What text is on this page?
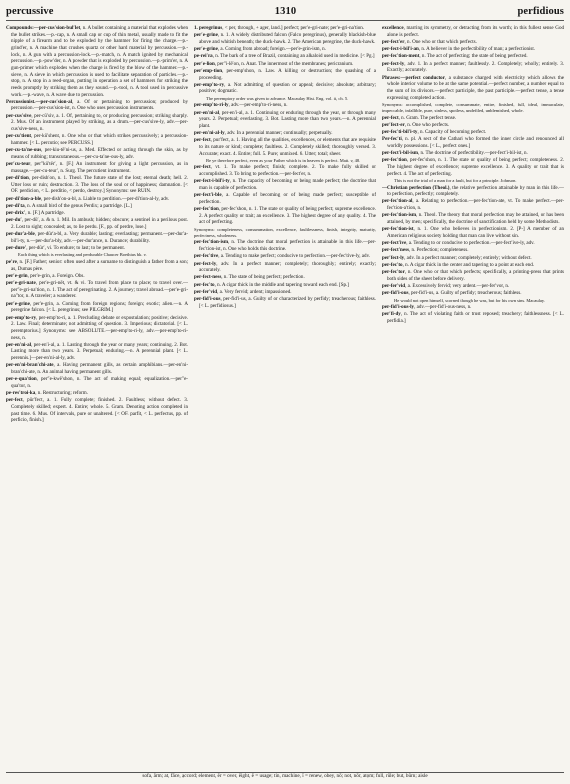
percussive	1310	perfidious

Compounds:—per-cus′sion-bul′let, n. A bullet containing a material that explodes when the bullet strikes.—p.-cap, n. A small cap or cup of thin metal, usually made to fit the nipple of a firearm and to be exploded by the hammer for firing the charge.—p.-grind′er, n. A machine that crushes quartz or other hard material by percussion.—p.-lock, n. A gun with a percussion-lock.—p.-match, n. A match ignited by mechanical percussion.—p.-pow′der, n. A powder that is exploded by percussion.—p.-prim′er, n. A gun-primer which explodes when the charge is fired by the blow of the hammer.—p.-sieve, n. A sieve in which percussion is used to facilitate separation of particles.—p.-stop, n. A stop in a reed-organ, putting in operation a set of hammers for striking the reeds promptly by striking them as they sound.—p.-tool, n. A tool used in percussive work.—p.-wave, n. A wave due to percussion.

Percussionist.—per-cus′sion-al, a. Of or pertaining to percussion; produced by percussion.—per-cus′sion-ist, n. One who uses percussion instruments.

per-cus′sive, per-cū′siv, a. 1. Of, pertaining to, or producing percussion; striking sharply. 2. Mus. Of an instrument played by striking, as a drum.—per-cus′sive-ly, adv.—per-cus′sive-ness, n.

per-cu′tient, per-kū′shent, n. One who or that which strikes percussively; a percussion-hammer. [< L. percutio; see PERCUSS.]

per-cu-ta′ne-ous, per-kiu-tē′ni-us, a. Med. Effected or acting through the skin, as by means of rubbing; transcutaneous.—per-cu-ta′ne-ous-ly, adv.

per′cu-teur, per″kü′tër′, n. [F.] An instrument for giving a light percussion, as in massage.—per-cu-teur′, n. Surg. The percutient instrument.

per-di′tion, per-dish′on, n. 1. Theol. The future state of the lost; eternal death; hell. 2. Utter loss or ruin; destruction. 3. The loss of the soul or of happiness; damnation. [< OF. perdicion, < L. perditio, < perdo, destroy.] Synonyms: see RUIN.

per-di′tion-a-ble, per-dish′on-a-bl, a. Liable to perdition.—per-di′tion-al-ly, adv.

per-di′ta, n. A small bird of the genus Perdix; a partridge. [L.]

per-drix′, n. [F.] A partridge.

per-du′, per-dū′, a. & n. 1. Mil. In ambush; hidden; obscure; a sentinel in a perilous post. 2. Lost to sight; concealed; as, to lie perdu. [F., pp. of perdre, lose.]

per-dur′a-ble, per-dūr′a-bl, a. Very durable; lasting; everlasting; permanent.—per-dur′a-bil′i-ty, n.—per-dur′a-bly, adv.—per-dur′ance, n. Durance; durability.

per-dure′, per-dūr′, vi. To endure; to last; to be permanent.

Each thing which is everlasting and perdurable Chaucer Boethius bk. v.

pe′re, n. [F.] Father; senior: often used after a surname to distinguish a father from a son; as, Dumas père.

per′e-grin, per′e-grin, a. Foreign. Obs.

per′e-gri-nate, per′e-gri-nēt, vt. & vi. To travel from place to place; to travel over.—per″e-gri-na′tion, n. 1. The act of peregrinating. 2. A journey; travel abroad.—per′e-gri-na″tor, n. A traveler; a wanderer.

per′e-grine, per′e-grin, a. Coming from foreign regions; foreign; exotic; alien.—n. A peregrine falcon. [< L. peregrinus; see PILGRIM.]

per-emp′to-ry, per-emp′to-ri, a. 1. Precluding debate or expostulation; positive; decisive. 2. Law. Final; determinate; not admitting of question. 3. Imperious; dictatorial. [< L. peremptorius.] Synonyms: see ABSOLUTE.—per-emp′to-ri-ly, adv.—per-emp′to-ri-ness, n.

per-en′ni-al, per-en′i-al, a. 1. Lasting through the year or many years; continuing. 2. Bot. Lasting more than two years. 3. Perpetual; enduring.—n. A perennial plant. [< L. perennis.]—per-en′ni-al-ly, adv.

per-en′ni-bran′chi-ate, a. Having permanent gills, as certain amphibians.—per-en′ni-bran′chi-ate, n. An animal having permanent gills.

per-e-qua′tion, per″e-kwē′shon, n. The act of making equal; equalization.—per″e-qua′tor, n.

pe-res′troi-ka, n. Restructuring; reform.

per-fect, pūr′fect, a. 1. Fully complete; finished. 2. Faultless; without defect. 3. Completely skilled; expert. 4. Entire; whole. 5. Gram. Denoting action completed in past time. 6. Mus. Of intervals, pure or unaltered. [< OF. parfit, < L. perfectus, pp. of perficio, finish.]

1. peregrinus, < per, through, + ager, land.] perfect; per′e-gri-nate; per′e-gri-na′tion.

per′e-grine, n. 1. A widely distributed falcon (Falco peregrinus), generally blackish-blue above and whitish beneath; the duck-hawk. 2. The American peregrine, the duck-hawk.

per′e-grine, a. Coming from abroad; foreign.—per′e-grin-ism, n.

pe-rei′ra, n. The bark of a tree of Brazil, containing an alkaloid used in medicine. [< Pg.]

per′e-lion, per″i-lē′on, n. Anat. The innermost of the membranes; pericranium.

per′emp-tion, per-emp′shon, n. Law. A killing or destruction; the quashing of a proceeding.

per-emp′to-ry, a. Not admitting of question or appeal; decisive; absolute; arbitrary; positive; dogmatic.

The peremptory order was given to advance. Macaulay Hist. Eng. vol. ii, ch. 5.

per-emp′to-ri-ly, adv.—per-emp′to-ri-ness, n.

per-en′ni-al, per-en′i-al, a. 1. Continuing or enduring through the year, or through many years. 2. Perpetual; everlasting. 3. Bot. Lasting more than two years.—n. A perennial plant.

per-en′ni-al-ly, adv. In a perennial manner; continually; perpetually.

per-fect, pur′fect, a. 1. Having all the qualities, excellences, or elements that are requisite to its nature or kind; complete; faultless. 2. Completely skilled; thoroughly versed. 3. Accurate; exact. 4. Entire; full. 5. Pure; unmixed. 6. Utter; total; sheer.

Be ye therefore perfect, even as your Father which is in heaven is perfect. Matt. v, 48.

per-fect, vt. 1. To make perfect; finish; complete. 2. To make fully skilled or accomplished. 3. To bring to perfection.—per-fect′er, n.

per-fect-i-bil′i-ty, n. The capacity of becoming or being made perfect; the doctrine that man is capable of perfection.

per-fect′i-ble, a. Capable of becoming or of being made perfect; susceptible of perfection.

per-fec′tion, per-fec′shon, n. 1. The state or quality of being perfect; supreme excellence. 2. A perfect quality or trait; an excellence. 3. The highest degree of any quality. 4. The act of perfecting.

Synonyms: completeness, consummation, excellence, faultlessness, finish, integrity, maturity, perfectness, wholeness.

per-fec′tion-ism, n. The doctrine that moral perfection is attainable in this life.—per-fec′tion-ist, n. One who holds this doctrine.

per-fec′tive, a. Tending to make perfect; conducive to perfection.—per-fec′tive-ly, adv.

per-fect-ly, adv. In a perfect manner; completely; thoroughly; entirely; exactly; accurately.

per-fect-ness, n. The state of being perfect; perfection.

per-fec′to, n. A cigar thick in the middle and tapering toward each end. [Sp.]

per-fer′vid, a. Very fervid; ardent; impassioned.

per-fid′i-ous, per-fid′i-us, a. Guilty of or characterized by perfidy; treacherous; faithless. [< L. perfidiosus.]

excellence, marring its symmetry, or detracting from its worth; in this fullest sense God alone is perfect.

per-fect′er, n. One who or that which perfects.

per-fect-i-bil′i-an, n. A believer in the perfectibility of man; a perfectionist.

per-fec′tion-ment, n. The act of perfecting; the state of being perfected.

per-fect-ly, adv. 1. In a perfect manner; faultlessly. 2. Completely; wholly; entirely. 3. Exactly; accurately.

Phrases:—perfect conductor, a substance charged with electricity which allows the whole interior volume to be at the same potential.—perfect number, a number equal to the sum of its divisors.—perfect participle, the past participle.—perfect tense, a tense expressing completed action.

Synonyms: accomplished, complete, consummate, entire, finished, full, ideal, immaculate, impeccable, infallible, pure, sinless, spotless, undefiled, unblemished, whole.

per-fect, n. Gram. The perfect tense.

per′fect-er, n. One who perfects.

per-fec′ti-bil′i-ty, n. Capacity of becoming perfect.

Per-fec′ti, n. pl. A sect of the Cathari who formed the inner circle and renounced all worldly possessions. [< L., perfect ones.]

per-fect′i-bil-ism, n. The doctrine of perfectibility.—per-fect′i-bil-ist, n.

per-fec′tion, per-fec′shon, n. 1. The state or quality of being perfect; completeness. 2. The highest degree of excellence; supreme excellence. 3. A quality or trait that is perfect. 4. The act of perfecting.

This is not the trial of a man for a fault, but for a principle. Johnson.

—Christian perfection (Theol.), the relative perfection attainable by man in this life.—to perfection, perfectly; completely.

per-fec′tion-al, a. Relating to perfection.—per-fec′tion-ate, vt. To make perfect.—per-fec′tion-a′tion, n.

per-fec′tion-ism, n. Theol. The theory that moral perfection may be attained, or has been attained, by men; specifically, the doctrine of sanctification held by some Methodists.

per-fec′tion-ist, n. 1. One who believes in perfectionism. 2. [P-] A member of an American religious society holding that man can live without sin.

per-fect′ive, a. Tending to or conducive to perfection.—per-fect′ive-ly, adv.

per-fect′ness, n. Perfection; completeness.

per′fect-ly, adv. In a perfect manner; completely; entirely; without defect.

per-fec′to, n. A cigar thick in the center and tapering to a point at each end.

per-fec′tor, n. One who or that which perfects; specifically, a printing-press that prints both sides of the sheet before delivery.

per-fer′vid, a. Excessively fervid; very ardent.—per-fer′vor, n.

per-fid′i-ous, per-fid′i-us, a. Guilty of perfidy; treacherous; faithless.

He would not open himself, scorned though he was, but for his own sins. Macaulay.

per-fid′i-ous-ly, adv.—per-fid′i-ous-ness, n.

per′fi-dy, n. The act of violating faith or trust reposed; treachery; faithlessness. [< L. perfidia.]

sofa, ârm; at, fāce, ạccord; element, ēr = over, ēight, ē = usage; tin, machine, ī = renew, obey, nō; not, nōr, atọm; full, rūle; but, bûrn; aisle
